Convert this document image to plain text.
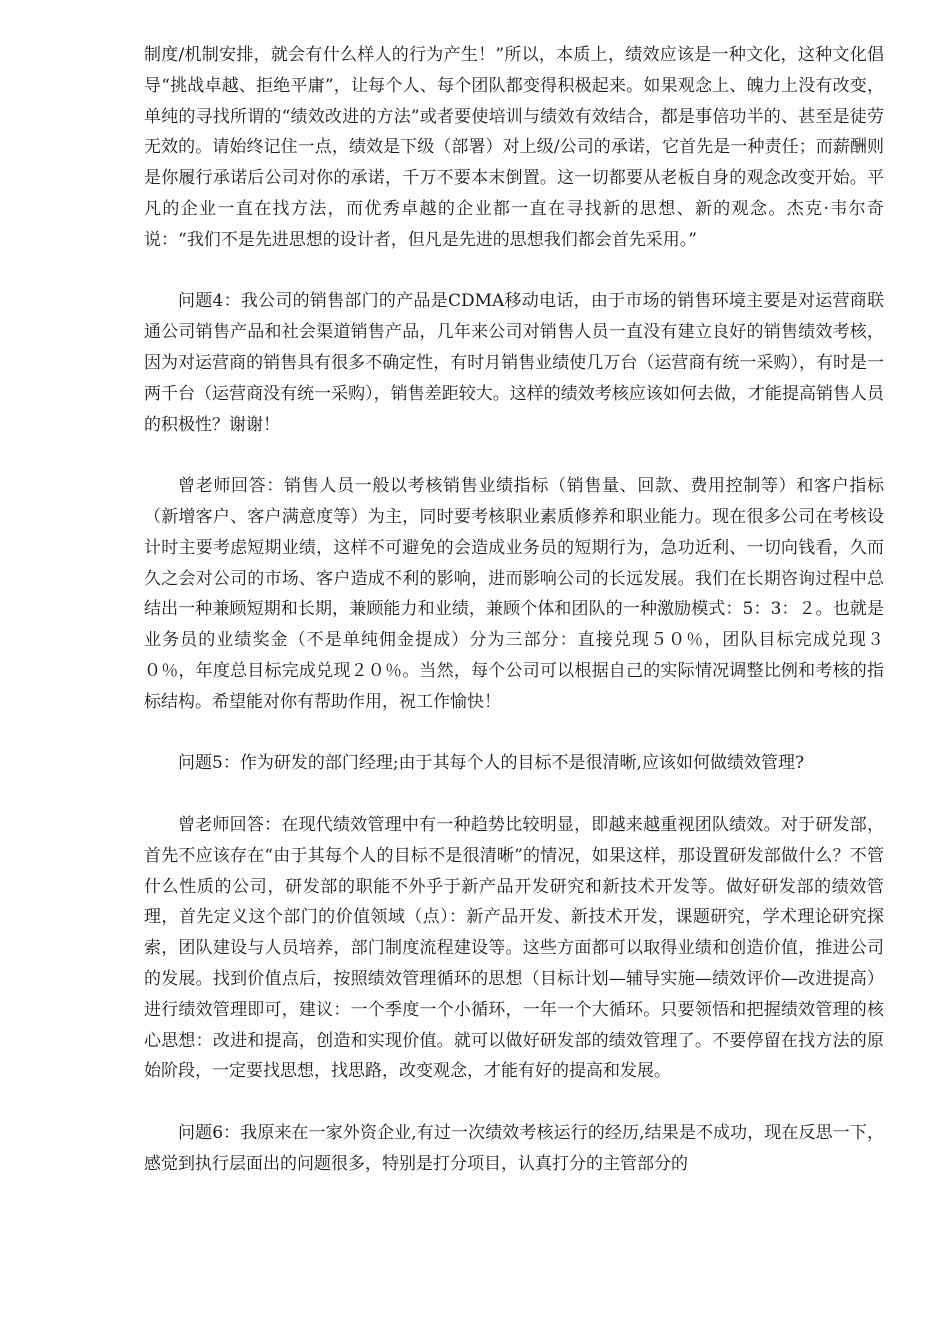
制度/机制安排，就会有什么样人的行为产生！”所以，本质上，绩效应该是一种文化，这种文化倡导“挑战卓越、拒绝平庸”，让每个人、每个团队都变得积极起来。如果观念上、魄力上没有改变，单纯的寻找所谓的“绩效改进的方法”或者要使培训与绩效有效结合，都是事倍功半的、甚至是徒劳无效的。请始终记住一点，绩效是下级（部署）对上级/公司的承诺，它首先是一种责任；而薪酬则是你履行承诺后公司对你的承诺，千万不要本末倒置。这一切都要从老板自身的观念改变开始。平凡的企业一直在找方法，而优秀卓越的企业都一直在寻找新的思想、新的观念。杰克·韦尔奇说：“我们不是先进思想的设计者，但凡是先进的思想我们都会首先采用。”

问题4：我公司的销售部门的产品是CDMA移动电话，由于市场的销售环境主要是对运营商联通公司销售产品和社会渠道销售产品，几年来公司对销售人员一直没有建立良好的销售绩效考核，因为对运营商的销售具有很多不确定性，有时月销售业绩使几万台（运营商有统一采购），有时是一两千台（运营商没有统一采购），销售差距较大。这样的绩效考核应该如何去做，才能提高销售人员的积极性？谢谢！

曾老师回答：销售人员一般以考核销售业绩指标（销售量、回款、费用控制等）和客户指标（新增客户、客户满意度等）为主，同时要考核职业素质修养和职业能力。现在很多公司在考核设计时主要考虑短期业绩，这样不可避免的会造成业务员的短期行为，急功近利、一切向钱看，久而久之会对公司的市场、客户造成不利的影响，进而影响公司的长远发展。我们在长期咨询过程中总结出一种兼顾短期和长期，兼顾能力和业绩，兼顾个体和团队的一种激励模式：5：3：２。也就是业务员的业绩奖金（不是单纯佣金提成）分为三部分：直接兑现５０％，团队目标完成兑现３０％，年度总目标完成兑现２０％。当然，每个公司可以根据自己的实际情况调整比例和考核的指标结构。希望能对你有帮助作用，祝工作愉快！

问题5：作为研发的部门经理;由于其每个人的目标不是很清晰,应该如何做绩效管理?

曾老师回答：在现代绩效管理中有一种趋势比较明显，即越来越重视团队绩效。对于研发部，首先不应该存在“由于其每个人的目标不是很清晰”的情况，如果这样，那设置研发部做什么？不管什么性质的公司，研发部的职能不外乎于新产品开发研究和新技术开发等。做好研发部的绩效管理，首先定义这个部门的价值领域（点）：新产品开发、新技术开发，课题研究，学术理论研究探索，团队建设与人员培养，部门制度流程建设等。这些方面都可以取得业绩和创造价值，推进公司的发展。找到价值点后，按照绩效管理循环的思想（目标计划—辅导实施—绩效评价—改进提高）进行绩效管理即可，建议：一个季度一个小循环，一年一个大循环。只要领悟和把握绩效管理的核心思想：改进和提高，创造和实现价值。就可以做好研发部的绩效管理了。不要停留在找方法的原始阶段，一定要找思想，找思路，改变观念，才能有好的提高和发展。

问题6：我原来在一家外资企业,有过一次绩效考核运行的经历,结果是不成功，现在反思一下，感觉到执行层面出的问题很多，特别是打分项目，认真打分的主管部分的
